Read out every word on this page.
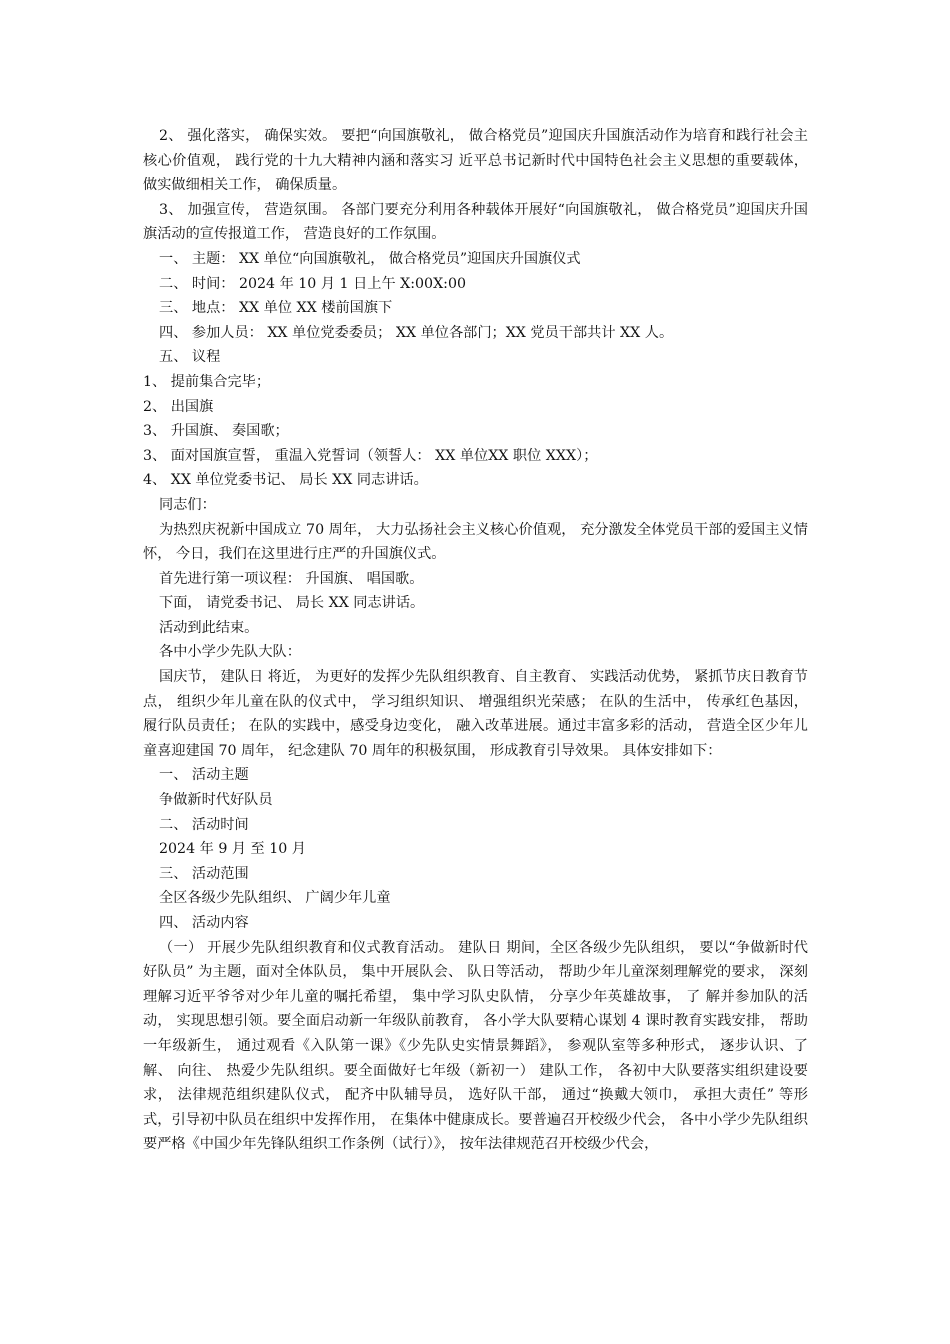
2、 强化落实， 确保实效。 要把“向国旗敬礼， 做合格党员”迎国庆升国旗活动作为培育和践行社会主核心价值观， 践行党的十九大精神内涵和落实习 近平总书记新时代中国特色社会主义思想的重要载体， 做实做细相关工作， 确保质量。

3、 加强宣传， 营造氛围。 各部门要充分利用各种载体开展好“向国旗敬礼， 做合格党员”迎国庆升国旗活动的宣传报道工作， 营造良好的工作氛围。

一、 主题： XX 单位“向国旗敬礼， 做合格党员”迎国庆升国旗仪式

二、 时间： 2024 年 10 月 1 日上午 X:00X:00

三、 地点： XX 单位 XX 楼前国旗下

四、 参加人员： XX 单位党委委员； XX 单位各部门；XX 党员干部共计 XX 人。

五、 议程

1、 提前集合完毕；

2、 出国旗

3、 升国旗、 奏国歌；

3、 面对国旗宣誓， 重温入党誓词（领誓人： XX 单位XX 职位 XXX）；

4、 XX 单位党委书记、 局长 XX 同志讲话。

同志们：

为热烈庆祝新中国成立 70 周年， 大力弘扬社会主义核心价值观， 充分激发全体党员干部的爱国主义情怀， 今日，我们在这里进行庄严的升国旗仪式。

首先进行第一项议程： 升国旗、 唱国歌。

下面， 请党委书记、 局长 XX 同志讲话。

活动到此结束。

各中小学少先队大队：

国庆节， 建队日 将近， 为更好的发挥少先队组织教育、自主教育、 实践活动优势， 紧抓节庆日教育节点， 组织少年儿童在队的仪式中， 学习组织知识、 增强组织光荣感； 在队的生活中， 传承红色基因， 履行队员责任； 在队的实践中，感受身边变化， 融入改革进展。通过丰富多彩的活动， 营造全区少年儿童喜迎建国 70 周年， 纪念建队 70 周年的积极氛围， 形成教育引导效果。 具体安排如下：

一、 活动主题

争做新时代好队员

二、 活动时间

2024 年 9 月 至 10 月

三、 活动范围

全区各级少先队组织、 广阔少年儿童

四、 活动内容

（一） 开展少先队组织教育和仪式教育活动。 建队日 期间，全区各级少先队组织， 要以“争做新时代好队员” 为主题，面对全体队员， 集中开展队会、 队日等活动， 帮助少年儿童深刻理解党的要求， 深刻理解习近平爷爷对少年儿童的嘱托希望， 集中学习队史队情， 分享少年英雄故事， 了 解并参加队的活动， 实现思想引领。要全面启动新一年级队前教育， 各小学大队要精心谋划 4 课时教育实践安排， 帮助一年级新生， 通过观看《入队第一课》《少先队史实情景舞蹈》， 参观队室等多种形式， 逐步认识、了 解、 向往、 热爱少先队组织。要全面做好七年级（新初一） 建队工作， 各初中大队要落实组织建设要求， 法律规范组织建队仪式， 配齐中队辅导员， 选好队干部， 通过“换戴大领巾， 承担大责任” 等形式，引导初中队员在组织中发挥作用， 在集体中健康成长。要普遍召开校级少代会， 各中小学少先队组织要严格《中国少年先锋队组织工作条例（试行）》， 按年法律规范召开校级少代会，
